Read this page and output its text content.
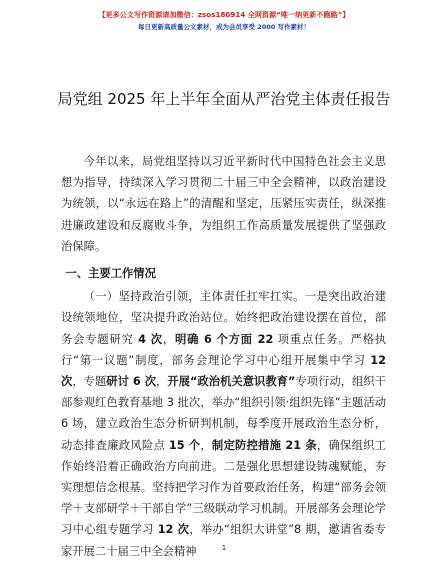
【更多公文写作资源请加微信：zsos180914 全网资源“唯一纳更新不跑路”】
每日更新高质量公文素材，成为会员享受 2000 写作素材！
局党组 2025 年上半年全面从严治党主体责任报告

今年以来，局党组坚持以习近平新时代中国特色社会主义思想为指导，持续深入学习贯彻二十届三中全会精神，以政治建设为统领，以“永远在路上”的清醒和坚定，压紧压实责任，纵深推进廉政建设和反腐败斗争，为组织工作高质量发展提供了坚强政治保障。

一、主要工作情况

（一）坚持政治引领，主体责任扛牢扛实。一是突出政治建设统领地位，坚决提升政治站位。始终把政治建设摆在首位，部务会专题研究 4 次，明确 6 个方面 22 项重点任务。严格执行“第一议题”制度，部务会理论学习中心组开展集中学习 12 次，专题研讨 6 次，开展“政治机关意识教育”专项行动，组织干部参观红色教育基地 3 批次，举办“组织引领·组织先锋”主题活动 6 场，建立政治生态分析研判机制，每季度开展政治生态分析，动态排查廉政风险点 15 个，制定防控措施 21 条，确保组织工作始终沿着正确政治方向前进。二是强化思想建设铸魂赋能，夯实理想信念根基。坚持把学习作为首要政治任务，构建“部务会领学＋支部研学＋干部自学”三级联动学习机制。开展部务会理论学习中心组专题学习 12 次，举办“组织大讲堂”8 期，邀请省委专家开展二十届三中全会精神	1
